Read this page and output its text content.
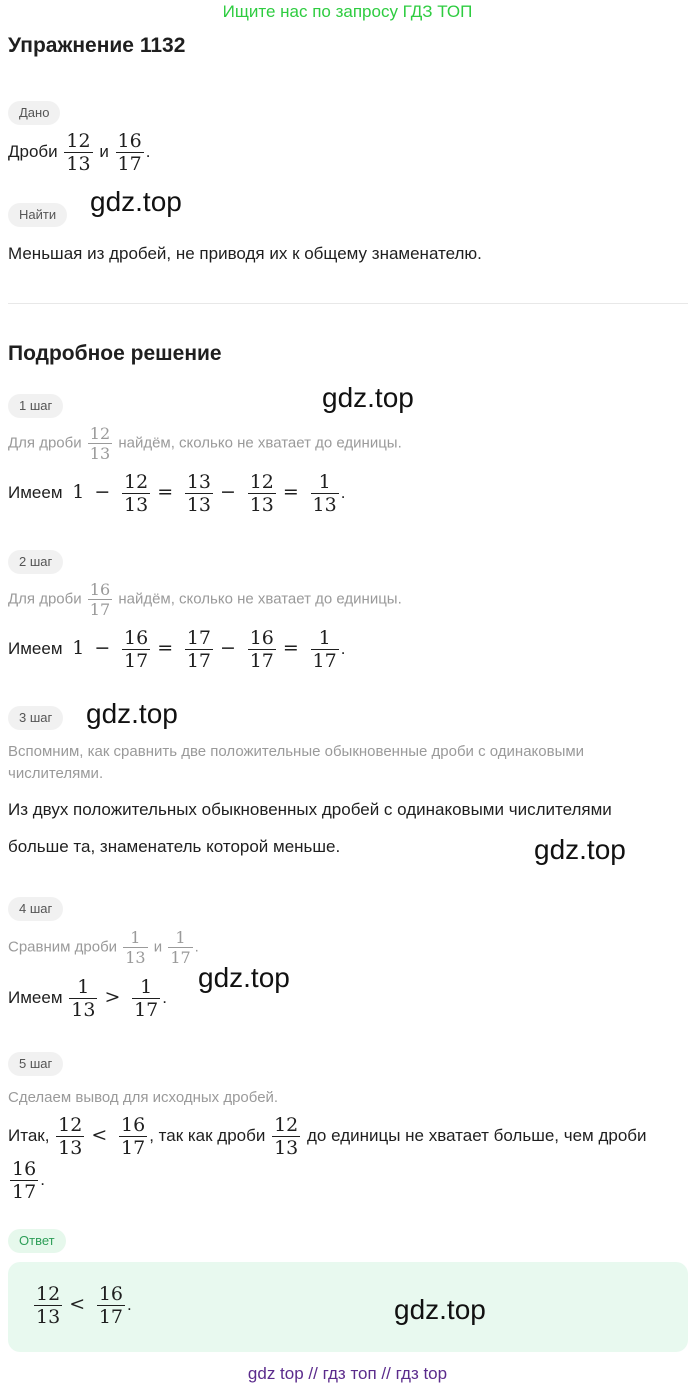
Ищите нас по запросу ГДЗ ТОП
Упражнение 1132
Дано
Дроби $\frac{12}{13}$ и $\frac{16}{17}$ .
Найти	gdz.top
Меньшая из дробей, не приводя их к общему знаменателю.
Подробное решение
gdz.top
1 шаг
Для дроби $\frac{12}{13}$ найдём, сколько не хватает до единицы.
Имеем $1 - \frac{12}{13} = \frac{13}{13} - \frac{12}{13} = \frac{1}{13}$ .
2 шаг
Для дроби $\frac{16}{17}$ найдём, сколько не хватает до единицы.
Имеем $1 - \frac{16}{17} = \frac{17}{17} - \frac{16}{17} = \frac{1}{17}$ .
3 шаг	gdz.top
Вспомним, как сравнить две положительные обыкновенные дроби с одинаковыми
числителями.
Из двух положительных обыкновенных дробей с одинаковыми числителями
больше та, знаменатель которой меньше.	gdz.top
4 шаг
Сравним дроби $\frac{1}{13}$ и $\frac{1}{17}$ .
gdz.top
Имеем $\frac{1}{13} > \frac{1}{17}$ .
5 шаг
Сделаем вывод для исходных дробей.
Итак, $\frac{12}{13} < \frac{16}{17}$ , так как дроби $\frac{12}{13}$ до единицы не хватает больше, чем дроби
$\frac{16}{17}$ .
Ответ
$\frac{12}{13} < \frac{16}{17}$ .	gdz.top
gdz top // гдз топ // гдз top
